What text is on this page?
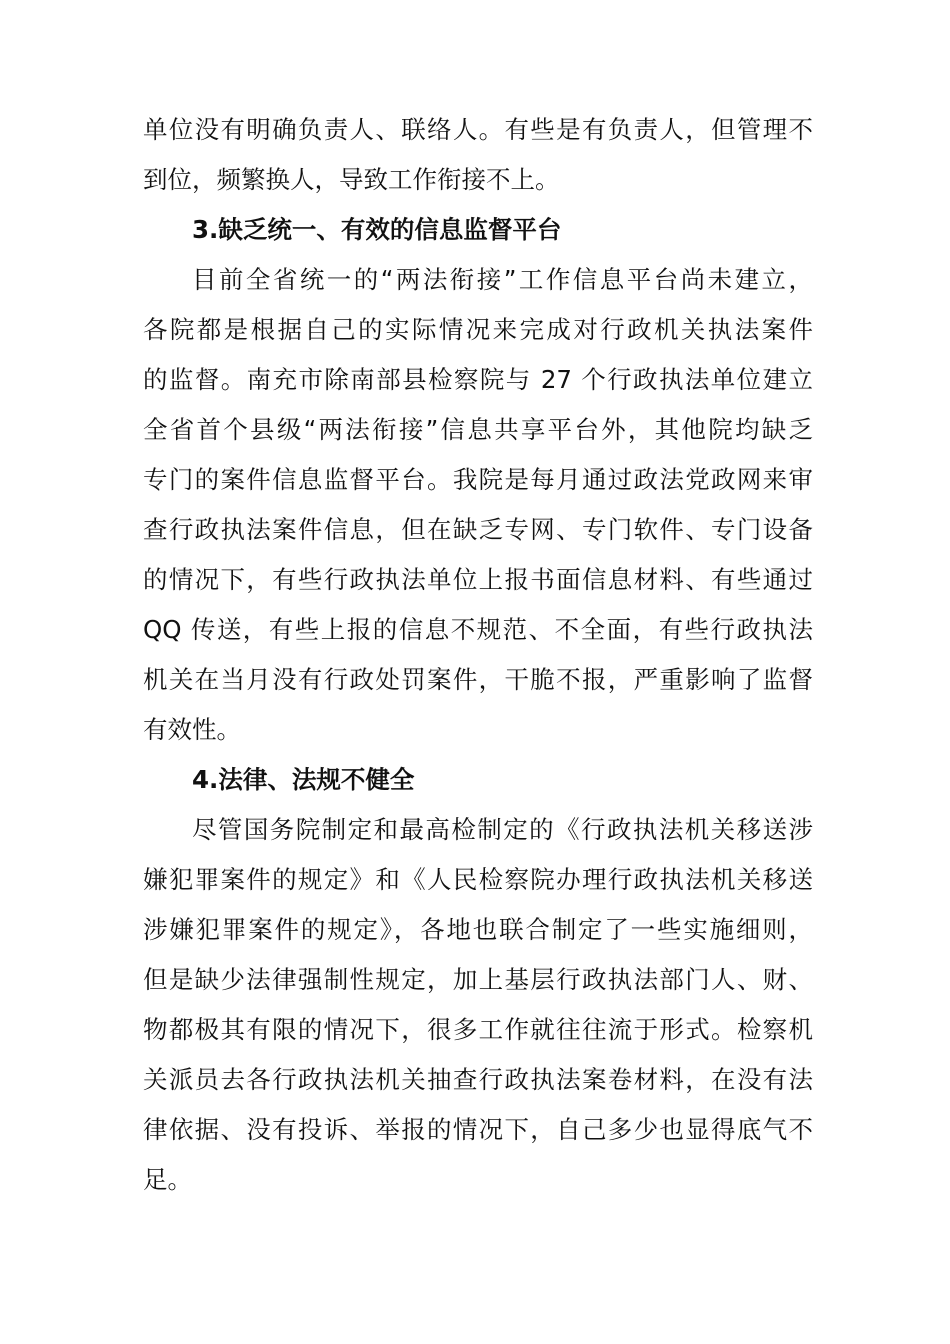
单位没有明确负责人、联络人。有些是有负责人，但管理不
到位，频繁换人，导致工作衔接不上。
3.缺乏统一、有效的信息监督平台
目前全省统一的“两法衔接”工作信息平台尚未建立，
各院都是根据自己的实际情况来完成对行政机关执法案件
的监督。南充市除南部县检察院与 27 个行政执法单位建立
全省首个县级“两法衔接”信息共享平台外，其他院均缺乏
专门的案件信息监督平台。我院是每月通过政法党政网来审
查行政执法案件信息，但在缺乏专网、专门软件、专门设备
的情况下，有些行政执法单位上报书面信息材料、有些通过
QQ 传送，有些上报的信息不规范、不全面，有些行政执法
机关在当月没有行政处罚案件，干脆不报，严重影响了监督
有效性。
4.法律、法规不健全
尽管国务院制定和最高检制定的《行政执法机关移送涉
嫌犯罪案件的规定》和《人民检察院办理行政执法机关移送
涉嫌犯罪案件的规定》，各地也联合制定了一些实施细则，
但是缺少法律强制性规定，加上基层行政执法部门人、财、
物都极其有限的情况下，很多工作就往往流于形式。检察机
关派员去各行政执法机关抽查行政执法案卷材料，在没有法
律依据、没有投诉、举报的情况下，自己多少也显得底气不
足。
